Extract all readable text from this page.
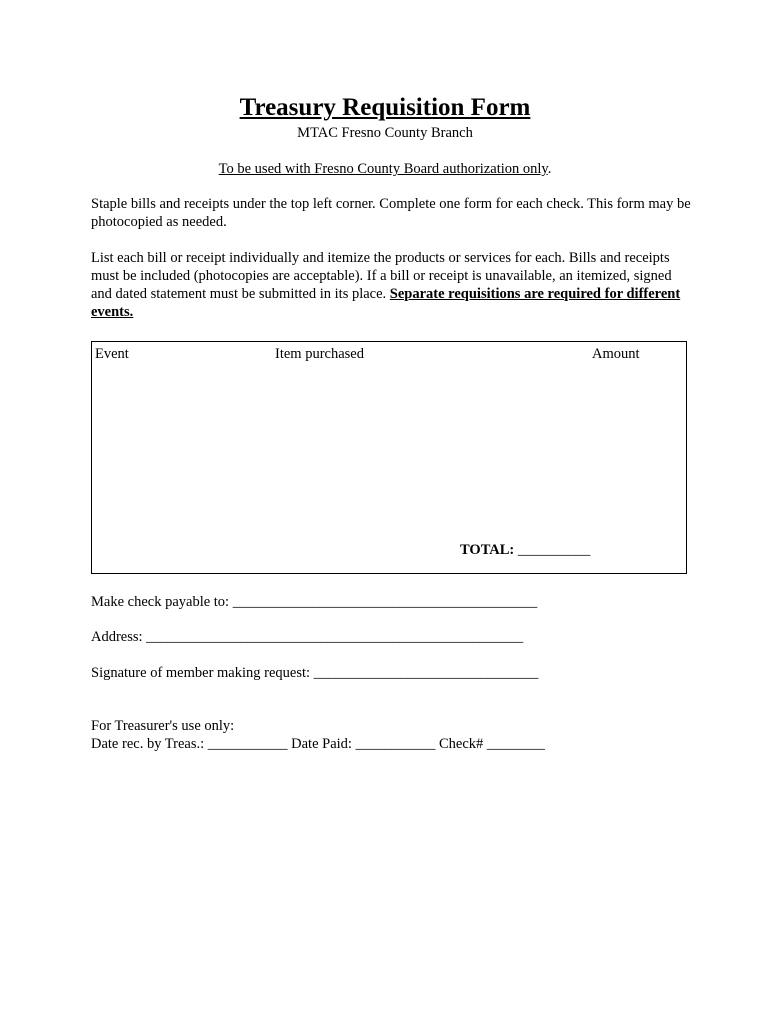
Treasury Requisition Form
MTAC Fresno County Branch
To be used with Fresno County Board authorization only.
Staple bills and receipts under the top left corner. Complete one form for each check. This form may be photocopied as needed.
List each bill or receipt individually and itemize the products or services for each. Bills and receipts must be included (photocopies are acceptable). If a bill or receipt is unavailable, an itemized, signed and dated statement must be submitted in its place. Separate requisitions are required for different events.
Event	Item purchased	Amount
TOTAL: __________
Make check payable to: __________________________________________
Address: ____________________________________________________
Signature of member making request: _______________________________
For Treasurer's use only:
Date rec. by Treas.: ___________ Date Paid: ___________ Check# ________
